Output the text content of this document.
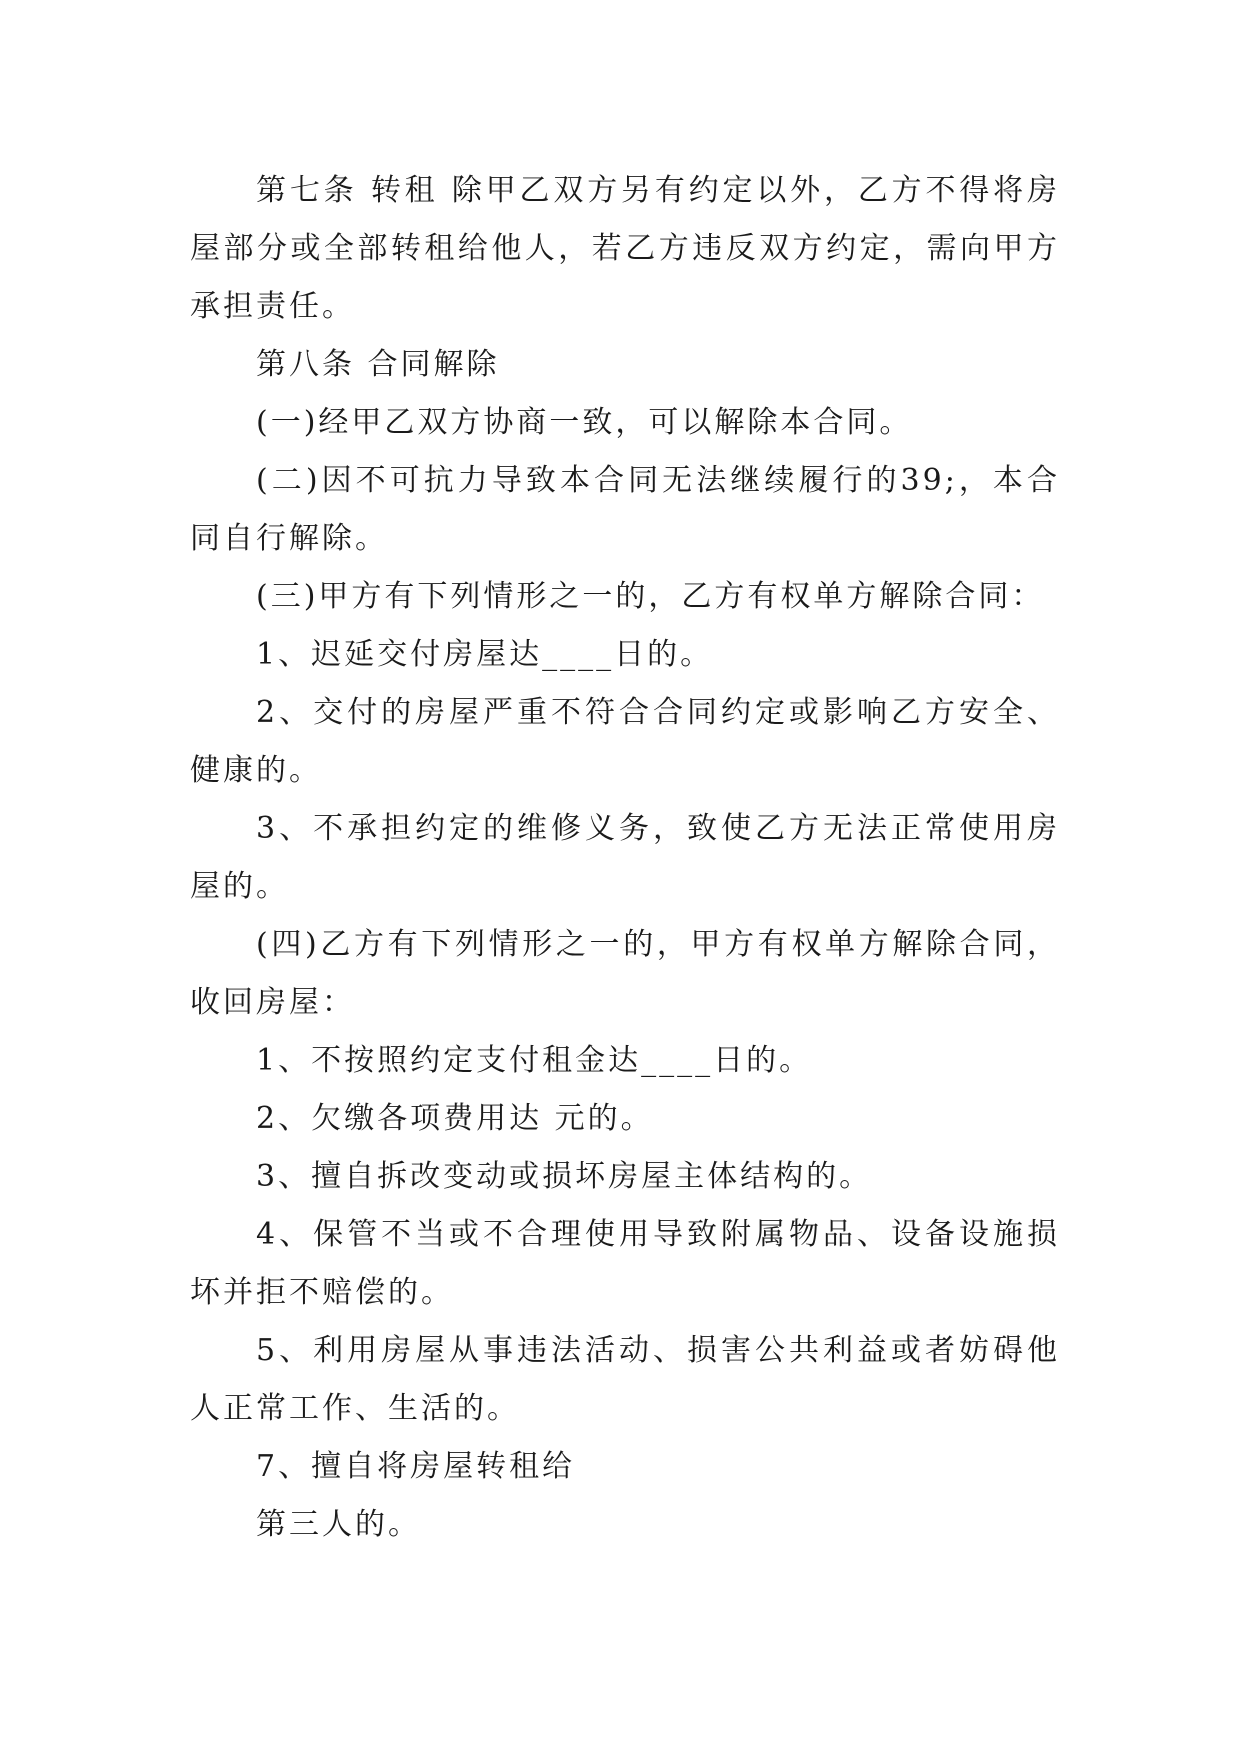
第七条 转租 除甲乙双方另有约定以外，乙方不得将房屋部分或全部转租给他人，若乙方违反双方约定，需向甲方承担责任。

第八条 合同解除

(一)经甲乙双方协商一致，可以解除本合同。

(二)因不可抗力导致本合同无法继续履行的39;，本合同自行解除。

(三)甲方有下列情形之一的，乙方有权单方解除合同：

1、迟延交付房屋达____日的。

2、交付的房屋严重不符合合同约定或影响乙方安全、健康的。

3、不承担约定的维修义务，致使乙方无法正常使用房屋的。

(四)乙方有下列情形之一的，甲方有权单方解除合同，收回房屋：

1、不按照约定支付租金达____日的。

2、欠缴各项费用达 元的。

3、擅自拆改变动或损坏房屋主体结构的。

4、保管不当或不合理使用导致附属物品、设备设施损坏并拒不赔偿的。

5、利用房屋从事违法活动、损害公共利益或者妨碍他人正常工作、生活的。

7、擅自将房屋转租给

第三人的。
